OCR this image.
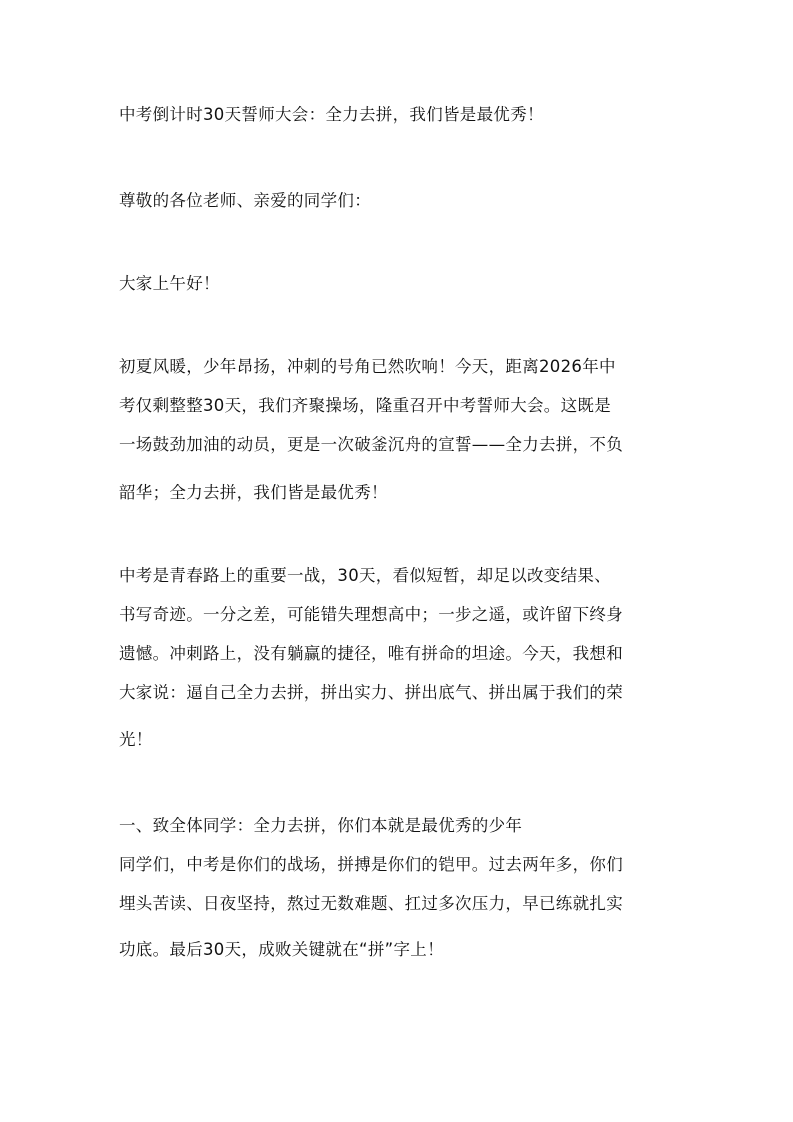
中考倒计时30天誓师大会：全力去拼，我们皆是最优秀！
尊敬的各位老师、亲爱的同学们：
大家上午好！
初夏风暖，少年昂扬，冲刺的号角已然吹响！今天，距离2026年中
考仅剩整整30天，我们齐聚操场，隆重召开中考誓师大会。这既是
一场鼓劲加油的动员，更是一次破釜沉舟的宣誓——全力去拼，不负
韶华；全力去拼，我们皆是最优秀！
中考是青春路上的重要一战，30天，看似短暂，却足以改变结果、
书写奇迹。一分之差，可能错失理想高中；一步之遥，或许留下终身
遗憾。冲刺路上，没有躺赢的捷径，唯有拼命的坦途。今天，我想和
大家说：逼自己全力去拼，拼出实力、拼出底气、拼出属于我们的荣
光！
一、致全体同学：全力去拼，你们本就是最优秀的少年
同学们，中考是你们的战场，拼搏是你们的铠甲。过去两年多，你们
埋头苦读、日夜坚持，熬过无数难题、扛过多次压力，早已练就扎实
功底。最后30天，成败关键就在“拼”字上！
